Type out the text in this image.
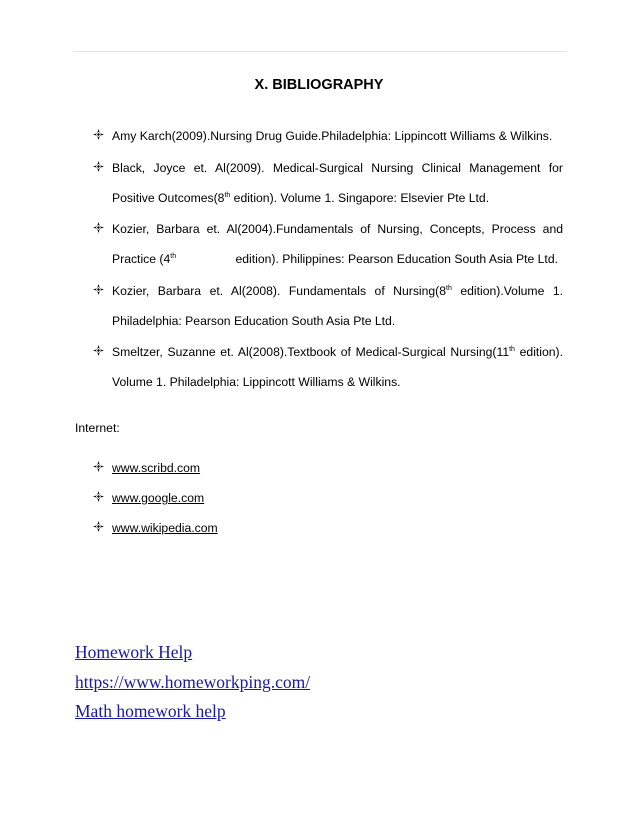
X. BIBLIOGRAPHY
Amy Karch(2009).Nursing Drug Guide.Philadelphia: Lippincott Williams & Wilkins.
Black, Joyce et. Al(2009). Medical-Surgical Nursing Clinical Management for Positive Outcomes(8th edition). Volume 1. Singapore: Elsevier Pte Ltd.
Kozier, Barbara et. Al(2004).Fundamentals of Nursing, Concepts, Process and Practice (4th	edition). Philippines: Pearson Education South Asia Pte Ltd.
Kozier, Barbara et. Al(2008). Fundamentals of Nursing(8th edition).Volume 1. Philadelphia: Pearson Education South Asia Pte Ltd.
Smeltzer, Suzanne et. Al(2008).Textbook of Medical-Surgical Nursing(11th edition). Volume 1. Philadelphia: Lippincott Williams & Wilkins.
Internet:
www.scribd.com
www.google.com
www.wikipedia.com
Homework Help
https://www.homeworkping.com/
Math homework help
